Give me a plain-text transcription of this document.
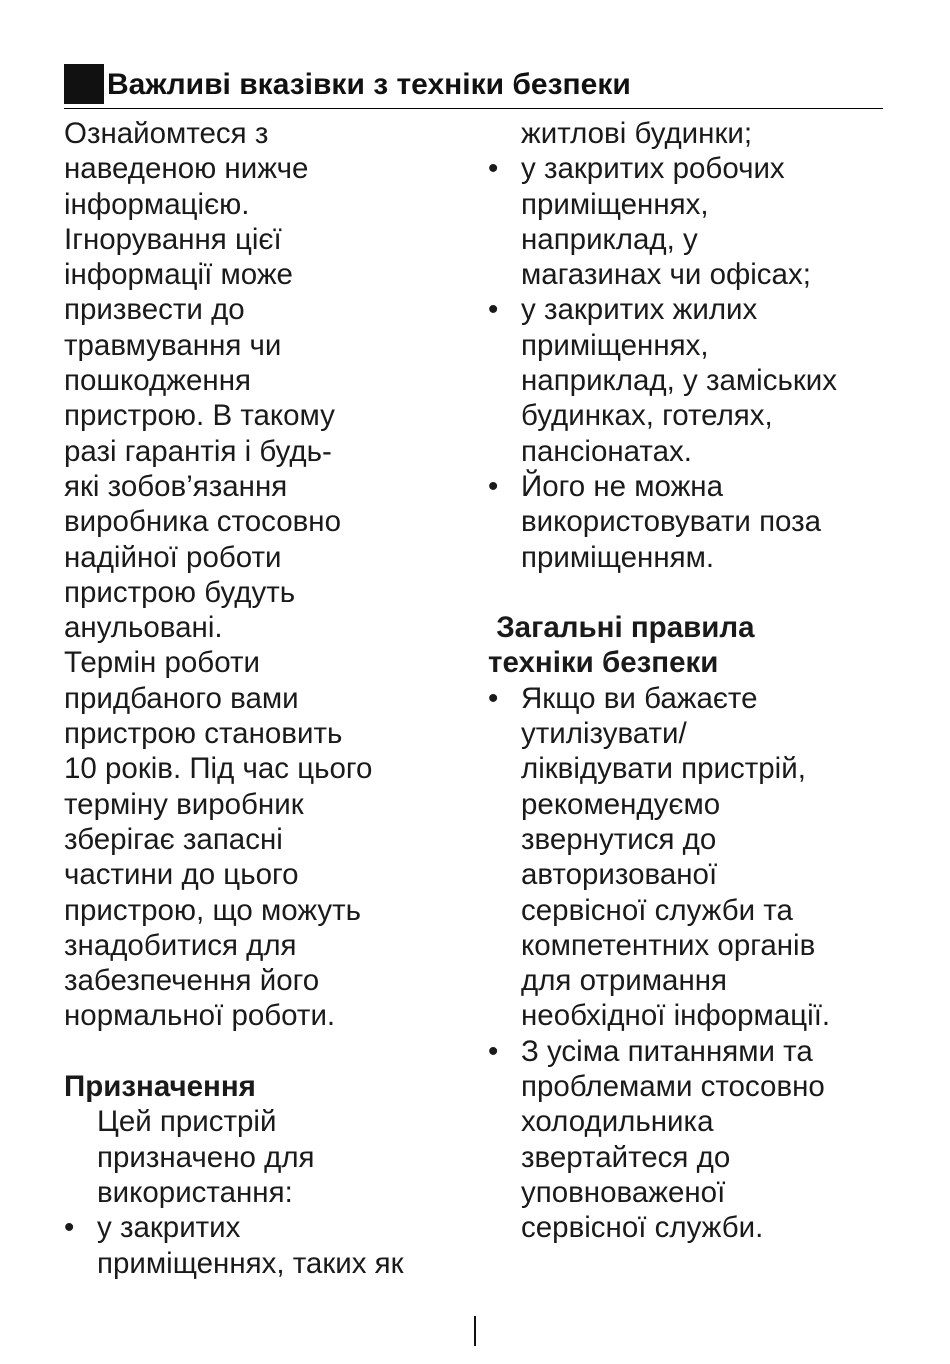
Важливі вказівки з техніки безпеки
Ознайомтеся з
наведеною нижче
інформацією.
Ігнорування цієї
інформації може
призвести до
травмування чи
пошкодження
пристрою. В такому
разі гарантія і будь-
які зобов’язання
виробника стосовно
надійної роботи
пристрою будуть
анульовані.
Термін роботи
придбаного вами
пристрою становить
10 років. Під час цього
терміну виробник
зберігає запасні
частини до цього
пристрою, що можуть
знадобитися для
забезпечення його
нормальної роботи.
Призначення
Цей пристрій
призначено для
використання:
• у закритих
приміщеннях, таких як
житлові будинки;
• у закритих робочих
приміщеннях,
наприклад, у
магазинах чи офісах;
• у закритих жилих
приміщеннях,
наприклад, у заміських
будинках, готелях,
пансіонатах.
• Його не можна
використовувати поза
приміщенням.
Загальні правила
техніки безпеки
• Якщо ви бажаєте
утилізувати/
ліквідувати пристрій,
рекомендуємо
звернутися до
авторизованої
сервісної служби та
компетентних органів
для отримання
необхідної інформації.
• З усіма питаннями та
проблемами стосовно
холодильника
звертайтеся до
уповноваженої
сервісної служби.
